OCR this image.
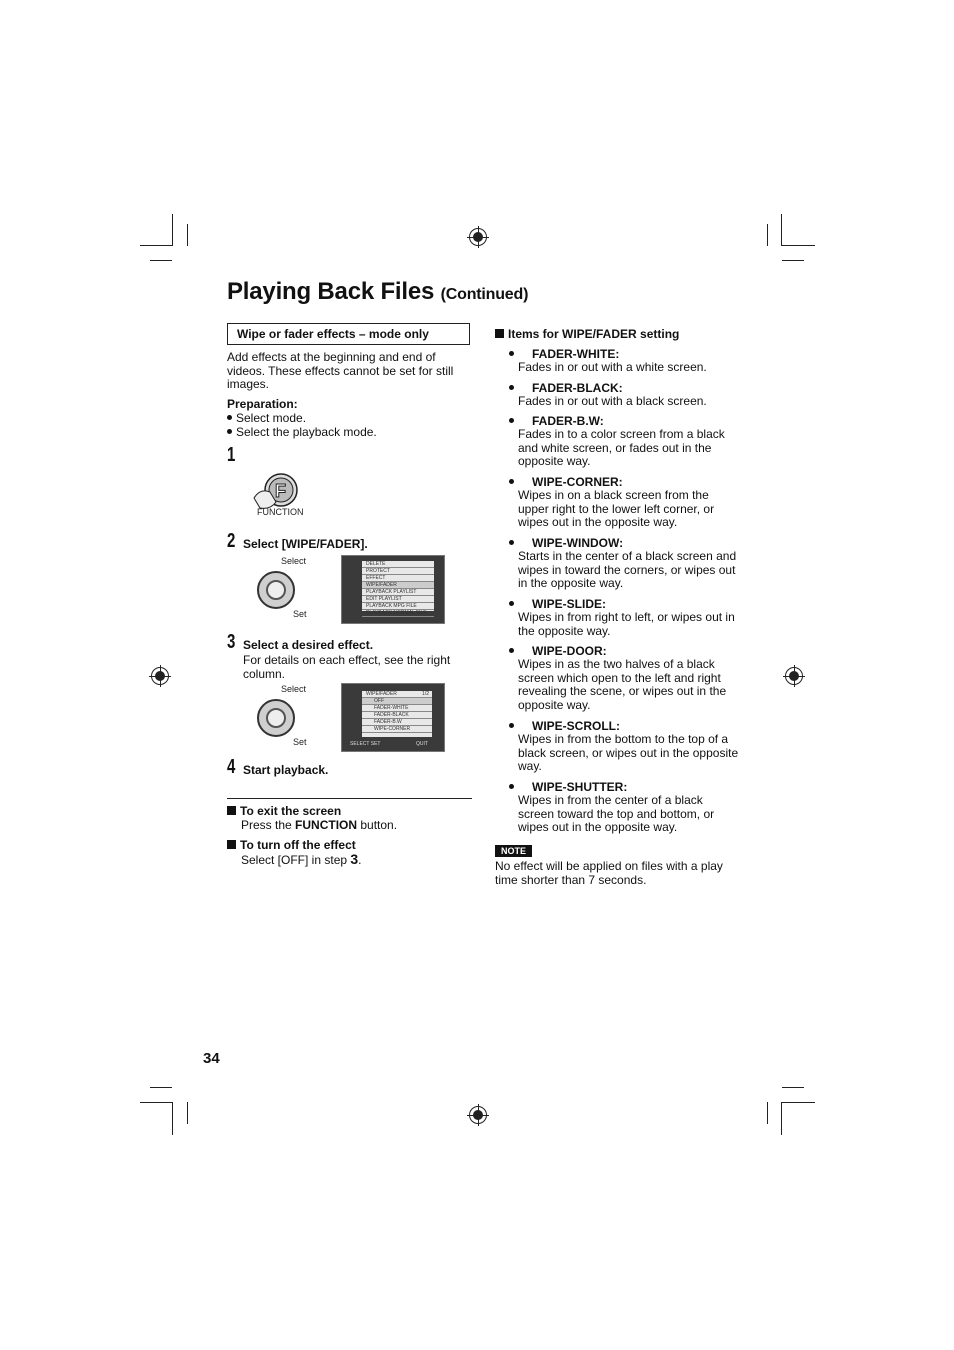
Playing Back Files (Continued)
Wipe or fader effects – mode only
Add effects at the beginning and end of
videos. These effects cannot be set for still
images.
Preparation:
Select mode.
Select the playback mode.
1
F
FUNCTION
2 Select [WIPE/FADER].
Select
Set
DELETE
PROTECT
EFFECT
WIPE/FADER
PLAYBACK PLAYLIST
EDIT PLAYLIST
PLAYBACK MPG FILE
PLAYBACK NORMAL FILE
3 Select a desired effect.
For details on each effect, see the right
column.
Select
Set
WIPE/FADER	1/2
OFF
FADER-WHITE
FADER-BLACK
FADER-B.W
WIPE-CORNER
SELECT SET	QUIT
4 Start playback.
To exit the screen
Press the FUNCTION button.
To turn off the effect
Select [OFF] in step 3.
Items for WIPE/FADER setting
FADER-WHITE:
Fades in or out with a white screen.
FADER-BLACK:
Fades in or out with a black screen.
FADER-B.W:
Fades in to a color screen from a black
and white screen, or fades out in the
opposite way.
WIPE-CORNER:
Wipes in on a black screen from the
upper right to the lower left corner, or
wipes out in the opposite way.
WIPE-WINDOW:
Starts in the center of a black screen and
wipes in toward the corners, or wipes out
in the opposite way.
WIPE-SLIDE:
Wipes in from right to left, or wipes out in
the opposite way.
WIPE-DOOR:
Wipes in as the two halves of a black
screen which open to the left and right
revealing the scene, or wipes out in the
opposite way.
WIPE-SCROLL:
Wipes in from the bottom to the top of a
black screen, or wipes out in the opposite
way.
WIPE-SHUTTER:
Wipes in from the center of a black
screen toward the top and bottom, or
wipes out in the opposite way.
NOTE
No effect will be applied on files with a play
time shorter than 7 seconds.
34
